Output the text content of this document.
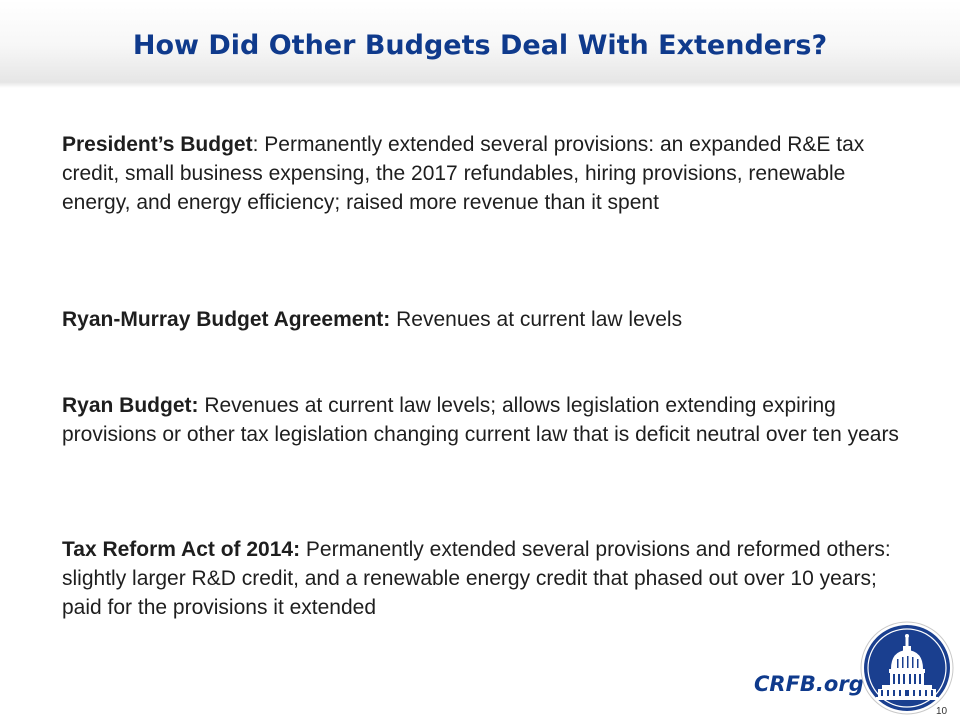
How Did Other Budgets Deal With Extenders?

President’s Budget: Permanently extended several provisions: an expanded R&E tax credit, small business expensing, the 2017 refundables, hiring provisions, renewable energy, and energy efficiency; raised more revenue than it spent

Ryan-Murray Budget Agreement: Revenues at current law levels

Ryan Budget: Revenues at current law levels; allows legislation extending expiring provisions or other tax legislation changing current law that is deficit neutral over ten years

Tax Reform Act of 2014: Permanently extended several provisions and reformed others: slightly larger R&D credit, and a renewable energy credit that phased out over 10 years; paid for the provisions it extended

CRFB.org
10
